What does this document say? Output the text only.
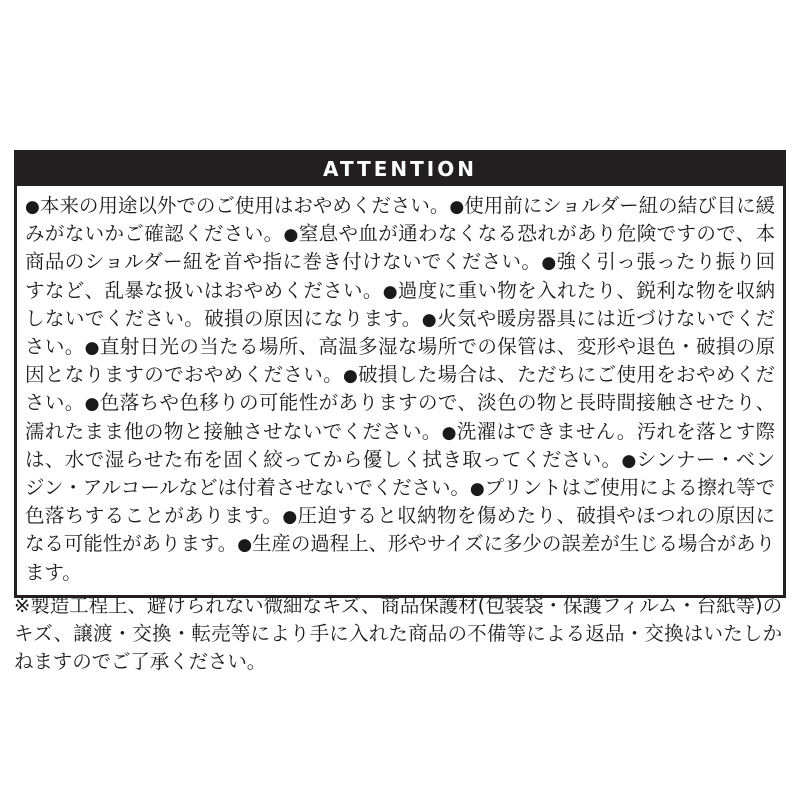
ATTENTION
●本来の用途以外でのご使用はおやめください。●使用前にショルダー紐の結び目に緩みがないかご確認ください。●窒息や血が通わなくなる恐れがあり危険ですので、本商品のショルダー紐を首や指に巻き付けないでください。●強く引っ張ったり振り回すなど、乱暴な扱いはおやめください。●過度に重い物を入れたり、鋭利な物を収納しないでください。破損の原因になります。●火気や暖房器具には近づけないでください。●直射日光の当たる場所、高温多湿な場所での保管は、変形や退色・破損の原因となりますのでおやめください。●破損した場合は、ただちにご使用をおやめください。●色落ちや色移りの可能性がありますので、淡色の物と長時間接触させたり、濡れたまま他の物と接触させないでください。●洗濯はできません。汚れを落とす際は、水で湿らせた布を固く絞ってから優しく拭き取ってください。●シンナー・ベンジン・アルコールなどは付着させないでください。●プリントはご使用による擦れ等で色落ちすることがあります。●圧迫すると収納物を傷めたり、破損やほつれの原因になる可能性があります。●生産の過程上、形やサイズに多少の誤差が生じる場合があります。

※製造工程上、避けられない微細なキズ、商品保護材(包装袋・保護フィルム・台紙等)のキズ、譲渡・交換・転売等により手に入れた商品の不備等による返品・交換はいたしかねますのでご了承ください。
